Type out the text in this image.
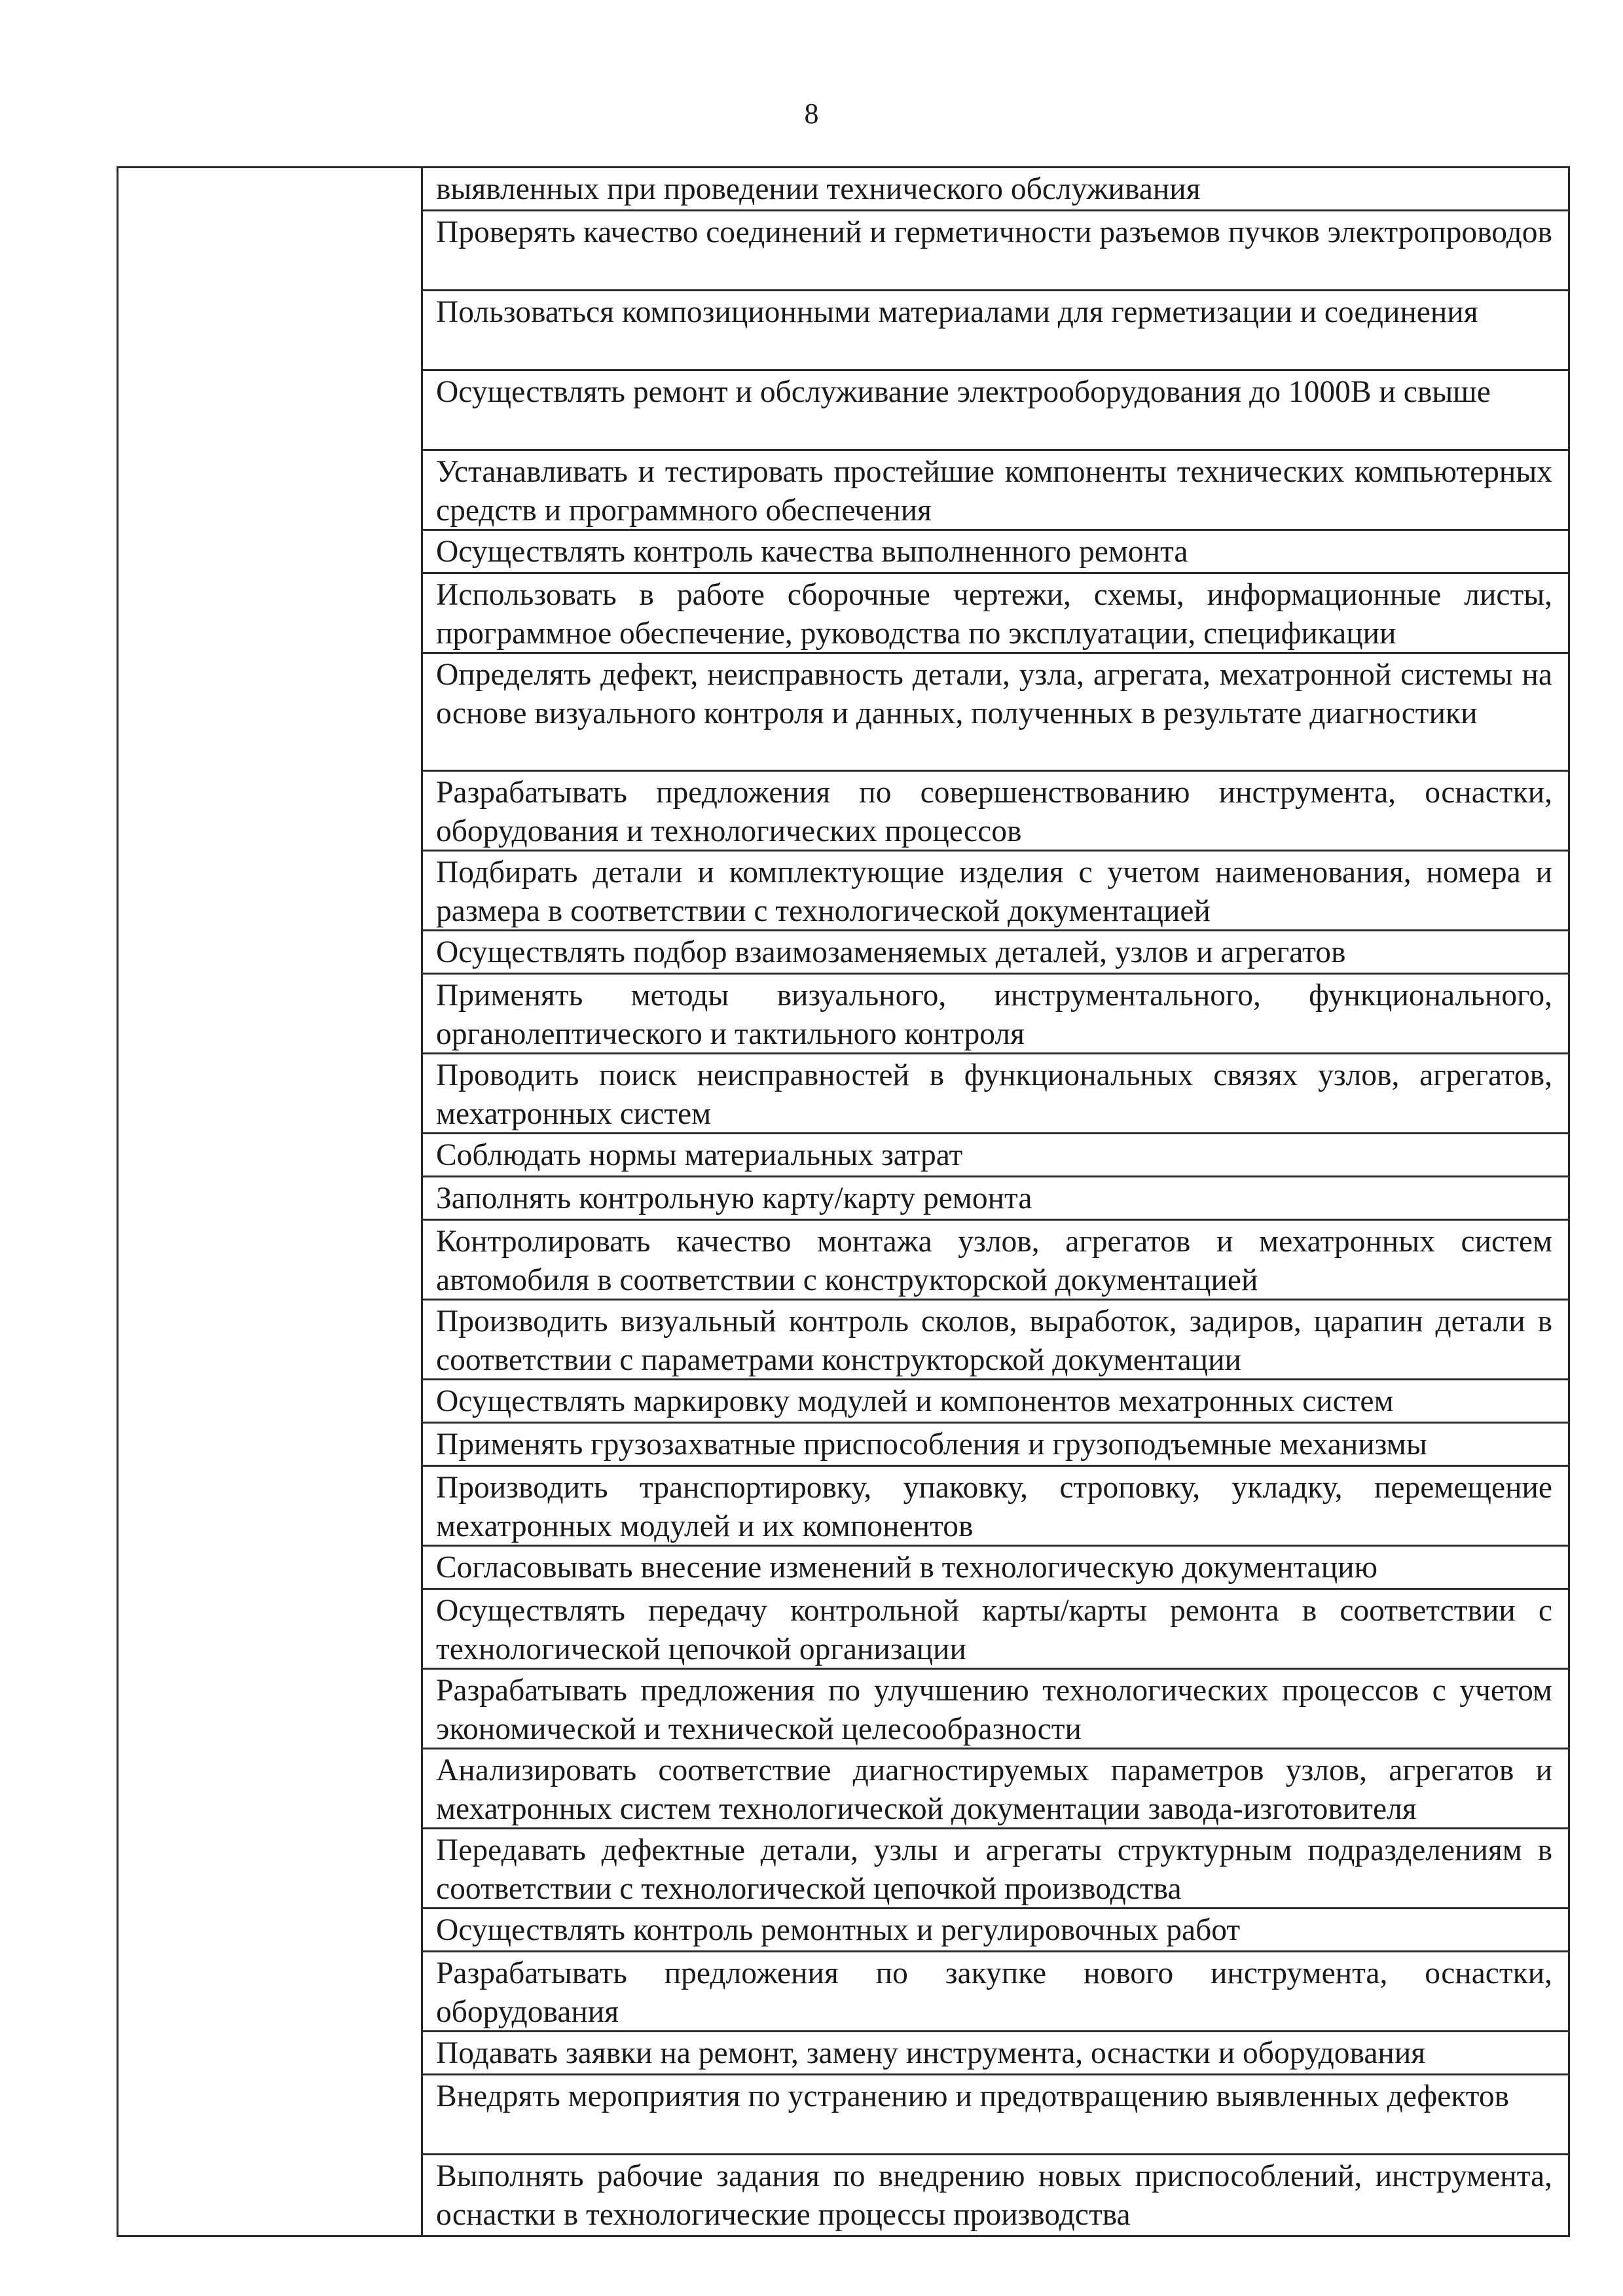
8

выявленных при проведении технического обслуживания
Проверять качество соединений и герметичности разъемов пучков электропроводов
Пользоваться композиционными материалами для герметизации и соединения
Осуществлять ремонт и обслуживание электрооборудования до 1000В и свыше
Устанавливать и тестировать простейшие компоненты технических компьютерных средств и программного обеспечения
Осуществлять контроль качества выполненного ремонта
Использовать в работе сборочные чертежи, схемы, информационные листы, программное обеспечение, руководства по эксплуатации, спецификации
Определять дефект, неисправность детали, узла, агрегата, мехатронной системы на основе визуального контроля и данных, полученных в результате диагностики
Разрабатывать предложения по совершенствованию инструмента, оснастки, оборудования и технологических процессов
Подбирать детали и комплектующие изделия с учетом наименования, номера и размера в соответствии с технологической документацией
Осуществлять подбор взаимозаменяемых деталей, узлов и агрегатов
Применять методы визуального, инструментального, функционального, органолептического и тактильного контроля
Проводить поиск неисправностей в функциональных связях узлов, агрегатов, мехатронных систем
Соблюдать нормы материальных затрат
Заполнять контрольную карту/карту ремонта
Контролировать качество монтажа узлов, агрегатов и мехатронных систем автомобиля в соответствии с конструкторской документацией
Производить визуальный контроль сколов, выработок, задиров, царапин детали в соответствии с параметрами конструкторской документации
Осуществлять маркировку модулей и компонентов мехатронных систем
Применять грузозахватные приспособления и грузоподъемные механизмы
Производить транспортировку, упаковку, строповку, укладку, перемещение мехатронных модулей и их компонентов
Согласовывать внесение изменений в технологическую документацию
Осуществлять передачу контрольной карты/карты ремонта в соответствии с технологической цепочкой организации
Разрабатывать предложения по улучшению технологических процессов с учетом экономической и технической целесообразности
Анализировать соответствие диагностируемых параметров узлов, агрегатов и мехатронных систем технологической документации завода-изготовителя
Передавать дефектные детали, узлы и агрегаты структурным подразделениям в соответствии с технологической цепочкой производства
Осуществлять контроль ремонтных и регулировочных работ
Разрабатывать предложения по закупке нового инструмента, оснастки, оборудования
Подавать заявки на ремонт, замену инструмента, оснастки и оборудования
Внедрять мероприятия по устранению и предотвращению выявленных дефектов
Выполнять рабочие задания по внедрению новых приспособлений, инструмента, оснастки в технологические процессы производства
